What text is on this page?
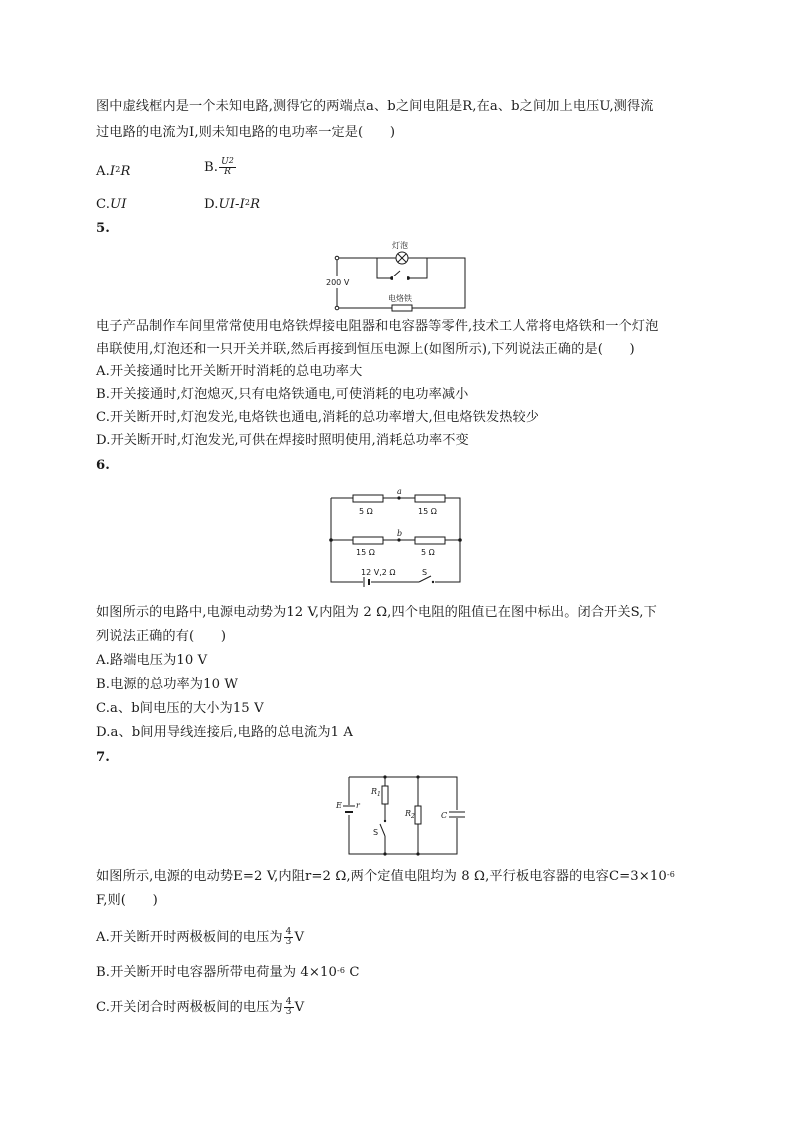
图中虚线框内是一个未知电路,测得它的两端点a、b之间电阻是R,在a、b之间加上电压U,测得流
过电路的电流为I,则未知电路的电功率一定是(　　)
$A.I^2R$	B. $\frac{U^2}{R}$
C.UI	$D.UI-I^2R$
5.
200 V
灯泡
电烙铁
电子产品制作车间里常常使用电烙铁焊接电阻器和电容器等零件,技术工人常将电烙铁和一个灯泡
串联使用,灯泡还和一只开关并联,然后再接到恒压电源上(如图所示),下列说法正确的是(　　)
A.开关接通时比开关断开时消耗的总电功率大
B.开关接通时,灯泡熄灭,只有电烙铁通电,可使消耗的电功率减小
C.开关断开时,灯泡发光,电烙铁也通电,消耗的总功率增大,但电烙铁发热较少
D.开关断开时,灯泡发光,可供在焊接时照明使用,消耗总功率不变
6.
5 Ω	15 Ω
15 Ω	5 Ω
a
b
12 V,2 Ω	S
如图所示的电路中,电源电动势为12 V,内阻为 2 Ω,四个电阻的阻值已在图中标出。闭合开关S,下
列说法正确的有(　　)
A.路端电压为10 V
B.电源的总功率为10 W
C.a、b间电压的大小为15 V
D.a、b间用导线连接后,电路的总电流为1 A
7.
E r
$R_1$
$R_2$	C
S
如图所示,电源的电动势E=2 V,内阻r=2 Ω,两个定值电阻均为 8 Ω,平行板电容器的电容$C=3\times 10^{-6}$
F,则(　　)
A.开关断开时两极板间的电压为 $\frac{4}{3}$ V
B.开关断开时电容器所带电荷量为 $4\times 10^{-6}$ C
C.开关闭合时两极板间的电压为 $\frac{4}{3}$ V
